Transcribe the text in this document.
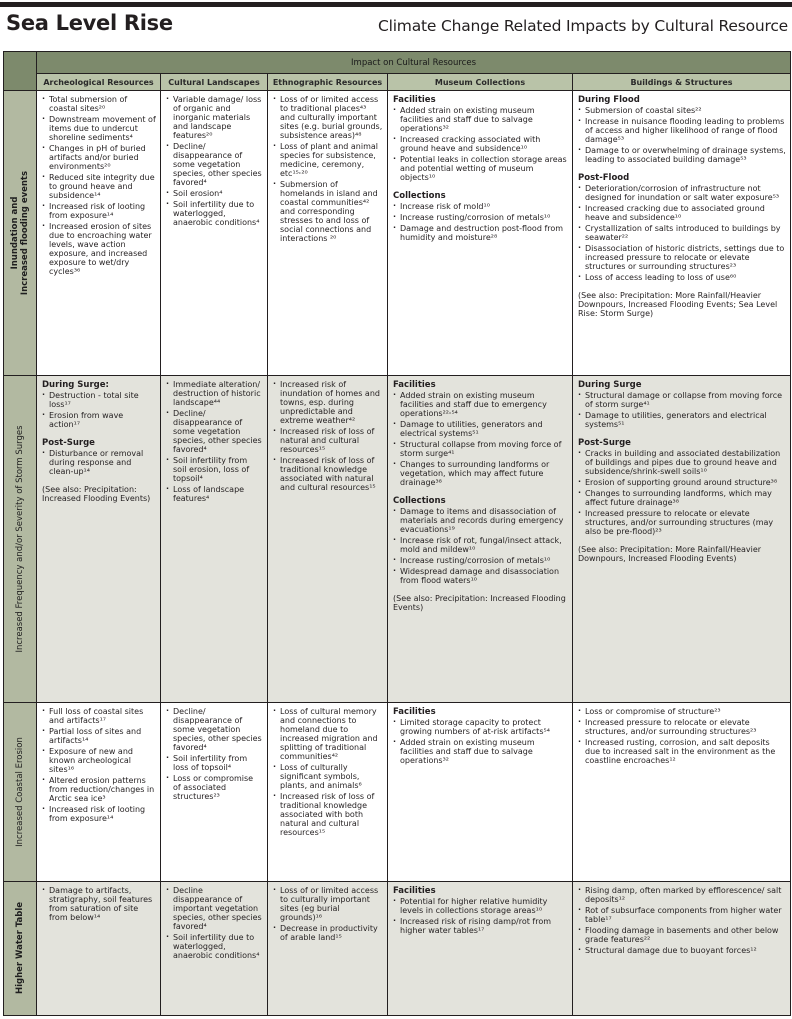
Sea Level Rise	Climate Change Related Impacts by Cultural Resource
	Impact on Cultural Resources				
	Archeological Resources	Cultural Landscapes	Ethnographic Resources	Museum Collections	Buildings & Structures

Inundation and Increased flooding events

· Total submersion of coastal sites²⁰
· Downstream movement of items due to undercut shoreline sediments⁴
· Changes in pH of buried artifacts and/or buried environments²⁰
· Reduced site integrity due to ground heave and subsidence¹⁴
· Increased risk of looting from exposure¹⁴
· Increased erosion of sites due to encroaching water levels, wave action exposure, and increased exposure to wet/dry cycles³⁶

· Variable damage/ loss of organic and inorganic materials and landscape features²⁰
· Decline/ disappearance of some vegetation species, other species favored⁴
· Soil erosion⁴
· Soil infertility due to waterlogged, anaerobic conditions⁴

· Loss of or limited access to traditional places⁴³ and culturally important sites (e.g. burial grounds, subsistence areas)⁴⁸
· Loss of plant and animal species for subsistence, medicine, ceremony, etc¹⁵˒²⁰
· Submersion of homelands in island and coastal communities⁴² and corresponding stresses to and loss of social connections and interactions ²⁰

Facilities
· Added strain on existing museum facilities and staff due to salvage operations³²
· Increased cracking associated with ground heave and subsidence¹⁰
· Potential leaks in collection storage areas and potential wetting of museum objects¹⁰
Collections
· Increase risk of mold¹⁰
· Increase rusting/corrosion of metals¹⁰
· Damage and destruction post-flood from humidity and moisture²⁸

During Flood
· Submersion of coastal sites²²
· Increase in nuisance flooding leading to problems of access and higher likelihood of range of flood damage⁵³
· Damage to or overwhelming of drainage systems, leading to associated building damage⁵³
Post-Flood
· Deterioration/corrosion of infrastructure not designed for inundation or salt water exposure⁵³
· Increased cracking due to associated ground heave and subsidence¹⁰
· Crystallization of salts introduced to buildings by seawater²²
· Disassociation of historic districts, settings due to increased pressure to relocate or elevate structures or surrounding structures²³
· Loss of access leading to loss of use⁶⁰
(See also: Precipitation: More Rainfall/Heavier Downpours, Increased Flooding Events; Sea Level Rise: Storm Surge)

Increased Frequency and/or Severity of Storm Surges

During Surge:
· Destruction - total site loss¹⁷
· Erosion from wave action¹⁷
Post-Surge
· Disturbance or removal during response and clean-up¹⁴
(See also: Precipitation: Increased Flooding Events)

· Immediate alteration/ destruction of historic landscape⁴⁴
· Decline/ disappearance of some vegetation species, other species favored⁴
· Soil infertility from soil erosion, loss of topsoil⁴
· Loss of landscape features⁴

· Increased risk of inundation of homes and towns, esp. during unpredictable and extreme weather⁴²
· Increased risk of loss of natural and cultural resources¹⁵
· Increased risk of loss of traditional knowledge associated with natural and cultural resources¹⁵

Facilities
· Added strain on existing museum facilities and staff due to emergency operations²²˒⁵⁴
· Damage to utilities, generators and electrical systems⁵¹
· Structural collapse from moving force of storm surge⁴¹
· Changes to surrounding landforms or vegetation, which may affect future drainage³⁸
Collections
· Damage to items and disassociation of materials and records during emergency evacuations¹⁹
· Increase risk of rot, fungal/insect attack, mold and mildew¹⁰
· Increase rusting/corrosion of metals¹⁰
· Widespread damage and disassociation from flood waters¹⁰
(See also: Precipitation: Increased Flooding Events)

During Surge
· Structural damage or collapse from moving force of storm surge⁴¹
· Damage to utilities, generators and electrical systems⁵¹
Post-Surge
· Cracks in building and associated destabilization of buildings and pipes due to ground heave and subsidence/shrink-swell soils¹⁰
· Erosion of supporting ground around structure³⁸
· Changes to surrounding landforms, which may affect future drainage³⁸
· Increased pressure to relocate or elevate structures, and/or surrounding structures (may also be pre-flood)²³
(See also: Precipitation: More Rainfall/Heavier Downpours, Increased Flooding Events)

Increased Coastal Erosion

· Full loss of coastal sites and artifacts¹⁷
· Partial loss of sites and artifacts¹⁴
· Exposure of new and known archeological sites¹⁶
· Altered erosion patterns from reduction/changes in Arctic sea ice³
· Increased risk of looting from exposure¹⁴

· Decline/ disappearance of some vegetation species, other species favored⁴
· Soil infertility from loss of topsoil⁴
· Loss or compromise of associated structures²³

· Loss of cultural memory and connections to homeland due to increased migration and splitting of traditional communities⁴²
· Loss of culturally significant symbols, plants, and animals⁶
· Increased risk of loss of traditional knowledge associated with both natural and cultural resources¹⁵

Facilities
· Limited storage capacity to protect growing numbers of at-risk artifacts⁵⁴
· Added strain on existing museum facilities and staff due to salvage operations³²

· Loss or compromise of structure²³
· Increased pressure to relocate or elevate structures, and/or surrounding structures²³
· Increased rusting, corrosion, and salt deposits due to increased salt in the environment as the coastline encroaches¹²

Higher Water Table

· Damage to artifacts, stratigraphy, soil features from saturation of site from below¹⁴

· Decline disappearance of important vegetation species, other species favored⁴
· Soil infertility due to waterlogged, anaerobic conditions⁴

· Loss of or limited access to culturally important sites (eg burial grounds)¹⁶
· Decrease in productivity of arable land¹⁵

Facilities
· Potential for higher relative humidity levels in collections storage areas¹⁰
· Increased risk of rising damp/rot from higher water tables¹⁷

· Rising damp, often marked by efflorescence/ salt deposits¹²
· Rot of subsurface components from higher water table¹⁷
· Flooding damage in basements and other below grade features²²
· Structural damage due to buoyant forces¹²
